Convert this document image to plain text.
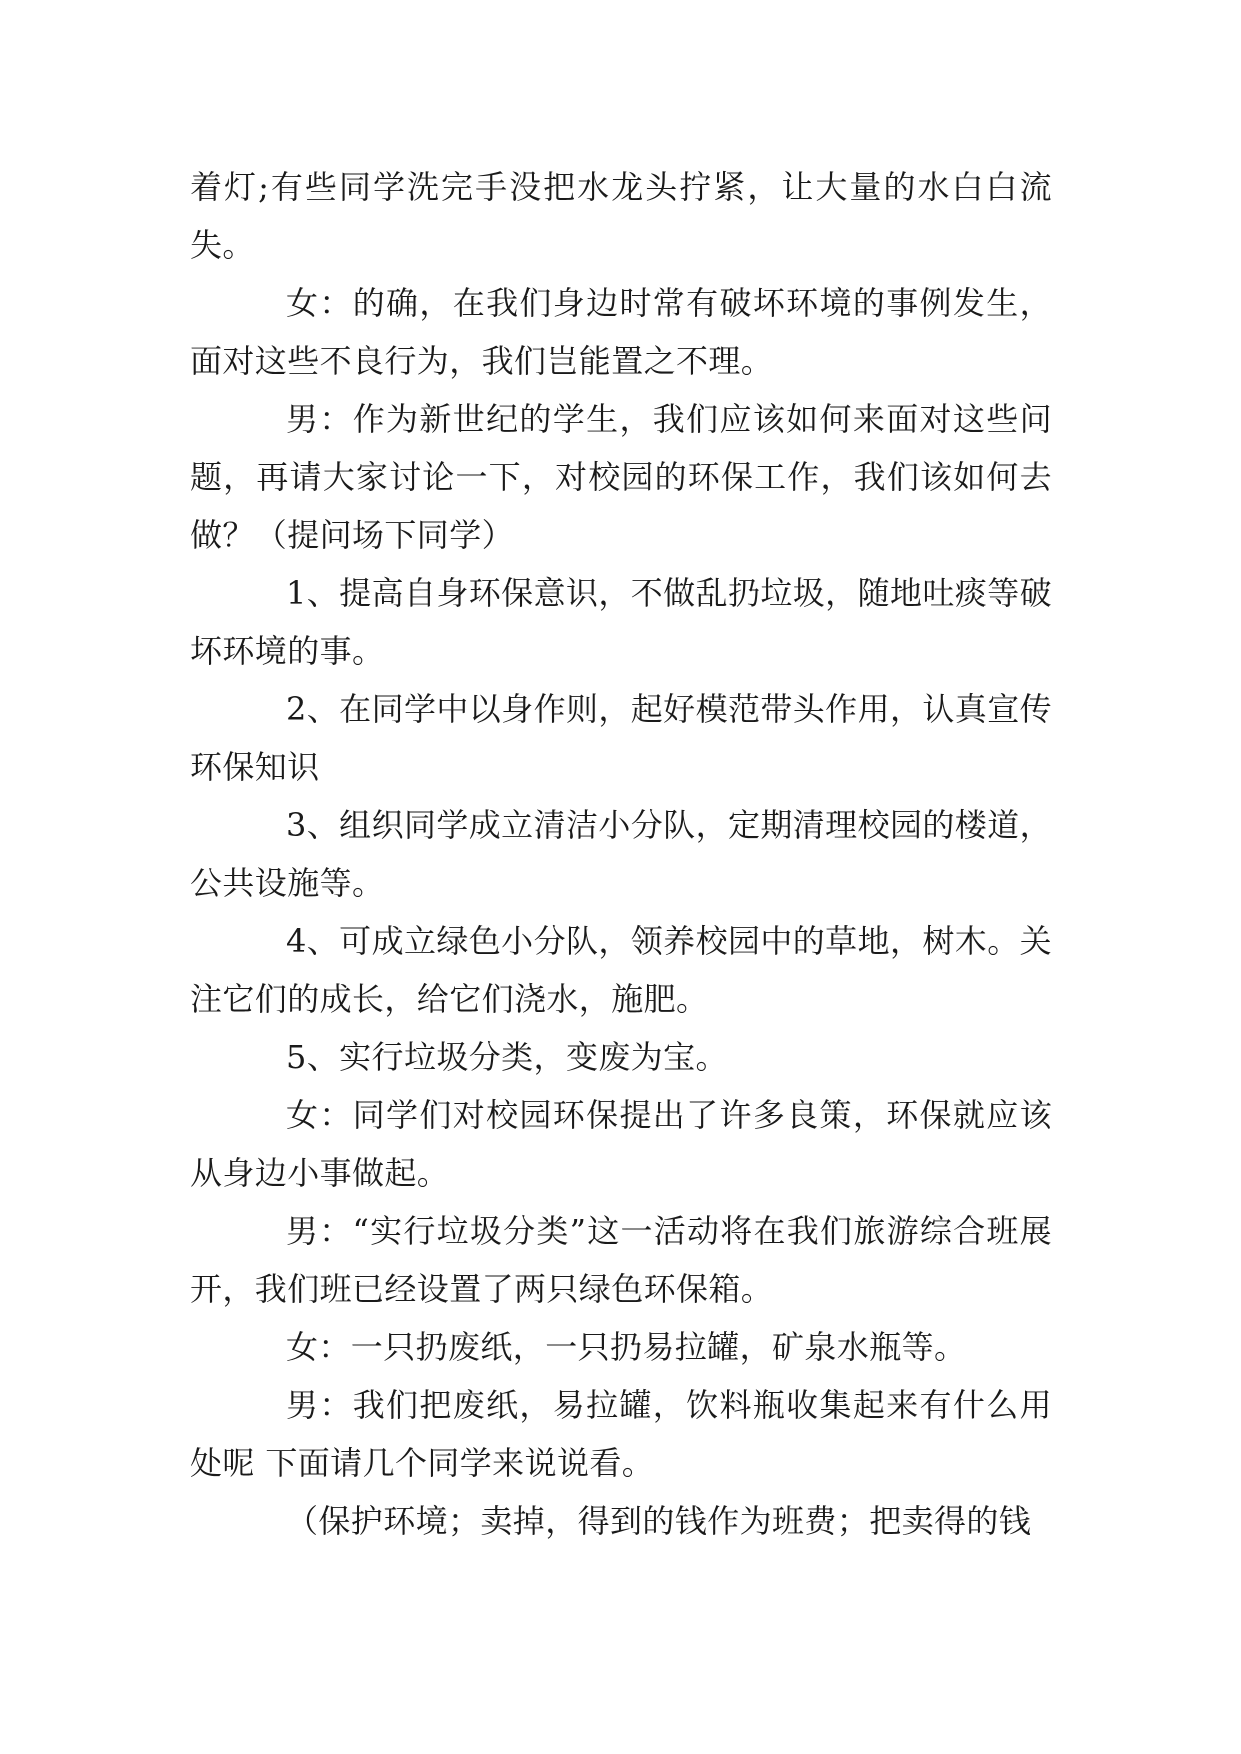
着灯;有些同学洗完手没把水龙头拧紧，让大量的水白白流失。

女：的确，在我们身边时常有破坏环境的事例发生，面对这些不良行为，我们岂能置之不理。

男：作为新世纪的学生，我们应该如何来面对这些问题，再请大家讨论一下，对校园的环保工作，我们该如何去做？（提问场下同学）

1、提高自身环保意识，不做乱扔垃圾，随地吐痰等破坏环境的事。

2、在同学中以身作则，起好模范带头作用，认真宣传环保知识

3、组织同学成立清洁小分队，定期清理校园的楼道，公共设施等。

4、可成立绿色小分队，领养校园中的草地，树木。关注它们的成长，给它们浇水，施肥。

5、实行垃圾分类，变废为宝。

女：同学们对校园环保提出了许多良策，环保就应该从身边小事做起。

男：“实行垃圾分类”这一活动将在我们旅游综合班展开，我们班已经设置了两只绿色环保箱。

女：一只扔废纸，一只扔易拉罐，矿泉水瓶等。

男：我们把废纸，易拉罐，饮料瓶收集起来有什么用处呢 下面请几个同学来说说看。

（保护环境；卖掉，得到的钱作为班费；把卖得的钱
